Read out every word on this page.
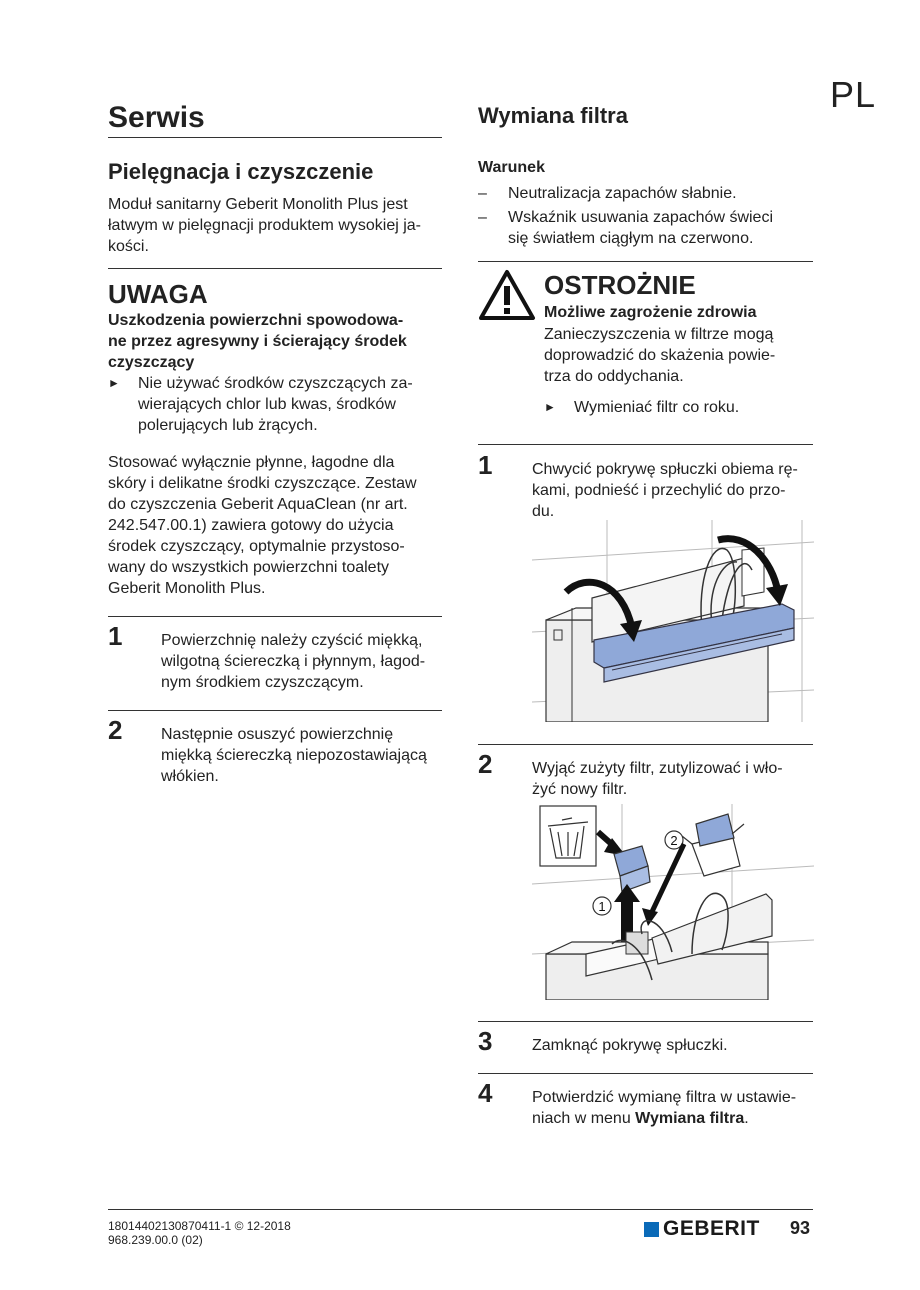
PL
Serwis
Pielęgnacja i czyszczenie
Moduł sanitarny Geberit Monolith Plus jest
łatwym w pielęgnacji produktem wysokiej ja-
kości.
UWAGA
Uszkodzenia powierzchni spowodowa-
ne przez agresywny i ścierający środek
czyszczący
►	Nie używać środków czyszczących za-
wierających chlor lub kwas, środków
polerujących lub żrących.
Stosować wyłącznie płynne, łagodne dla
skóry i delikatne środki czyszczące. Zestaw
do czyszczenia Geberit AquaClean (nr art.
242.547.00.1) zawiera gotowy do użycia
środek czyszczący, optymalnie przystoso-
wany do wszystkich powierzchni toalety
Geberit Monolith Plus.
1 Powierzchnię należy czyścić miękką,
wilgotną ściereczką i płynnym, łagod-
nym środkiem czyszczącym.
2 Następnie osuszyć powierzchnię
miękką ściereczką niepozostawiającą
włókien.
Wymiana filtra
Warunek
–	Neutralizacja zapachów słabnie.
–	Wskaźnik usuwania zapachów świeci
się światłem ciągłym na czerwono.
OSTROŻNIE
Możliwe zagrożenie zdrowia
Zanieczyszczenia w filtrze mogą
doprowadzić do skażenia powie-
trza do oddychania.
►	Wymieniać filtr co roku.
1 Chwycić pokrywę spłuczki obiema rę-
kami, podnieść i przechylić do przo-
du.
2 Wyjąć zużyty filtr, zutylizować i wło-
żyć nowy filtr.
2
1
3 Zamknąć pokrywę spłuczki.
4 Potwierdzić wymianę filtra w ustawie-
niach w menu Wymiana filtra.
18014402130870411-1 © 12-2018
968.239.00.0 (02)	GEBERIT 93
